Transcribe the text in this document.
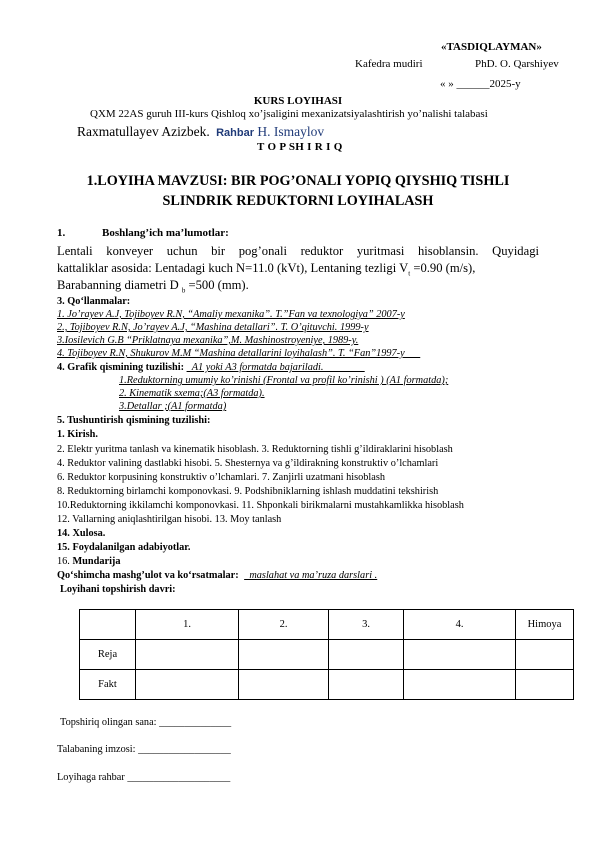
«TASDIQLAYMAN»
Kafedra mudiri	PhD. O. Qarshiyev
« » ______2025-y
KURS LOYIHASI
QXM 22AS guruh III-kurs Qishloq xo’jsaligini mexanizatsiyalashtirish yo’nalishi talabasi
Raxmatullayev Azizbek. Rahbar H. Ismaylov
T O P SH I R I Q
1.LOYIHA MAVZUSI: BIR POG’ONALI YOPIQ QIYSHIQ TISHLI
SLINDRIK REDUKTORNI LOYIHALASH
1.	Boshlang’ich ma’lumotlar:
Lentali konveyer uchun bir pog’onali reduktor yuritmasi hisoblansin. Quyidagi
kattaliklar asosida: Lentadagi kuch N=11.0 (kVt), Lentaning tezligi $V_t =0.90$ (m/s),
Barabanning diametri D $_b$ =500 (mm).
3. Qo‘llanmalar:
1. Jo’rayev A.J, Tojiboyev R.N, “Amaliy mexanika”. T.”Fan va texnologiya” 2007-y
2., Tojiboyev R.N, Jo’rayev A.J, “Mashina detallari”. T. O’qituvchi. 1999-y
3.Iosilevich G.B “Priklatnaya mexanika”,M. Mashinostroyeniye, 1989-y.
4. Tojiboyev R.N, Shukurov M.M “Mashina detallarini loyihalash”. T. “Fan”1997-y___
4. Grafik qismining tuzilishi: _A1 yoki A3 formatda bajariladi.________
1.Reduktorning umumiy ko’rinishi (Frontal va profil ko’rinishi ) (A1 formatda);
2. Kinematik sxema;(A3 formatda).
3.Detallar ;(A1 formatda)
5. Tushuntirish qismining tuzilishi:
1. Kirish.
2. Elektr yuritma tanlash va kinematik hisoblash. 3. Reduktorning tishli g’ildiraklarini hisoblash
4. Reduktor valining dastlabki hisobi. 5. Shesternya va g’ildirakning konstruktiv o’lchamlari
6. Reduktor korpusining konstruktiv o’lchamlari. 7. Zanjirli uzatmani hisoblash
8. Reduktorning birlamchi komponovkasi. 9. Podshibniklarning ishlash muddatini tekshirish
10.Reduktorning ikkilamchi komponovkasi. 11. Shponkali birikmalarni mustahkamlikka hisoblash
12. Vallarning aniqlashtirilgan hisobi. 13. Moy tanlash
14. Xulosa.
15. Foydalanilgan adabiyotlar.
16. Mundarija
Qo‘shimcha mashg’ulot va ko‘rsatmalar: _maslahat va ma’ruza darslari .
Loyihani topshirish davri:
	1.	2.	3.	4.	Himoya
Reja					
Fakt					
Topshiriq olingan sana: ______________
Talabaning imzosi: __________________
Loyihaga rahbar ____________________
